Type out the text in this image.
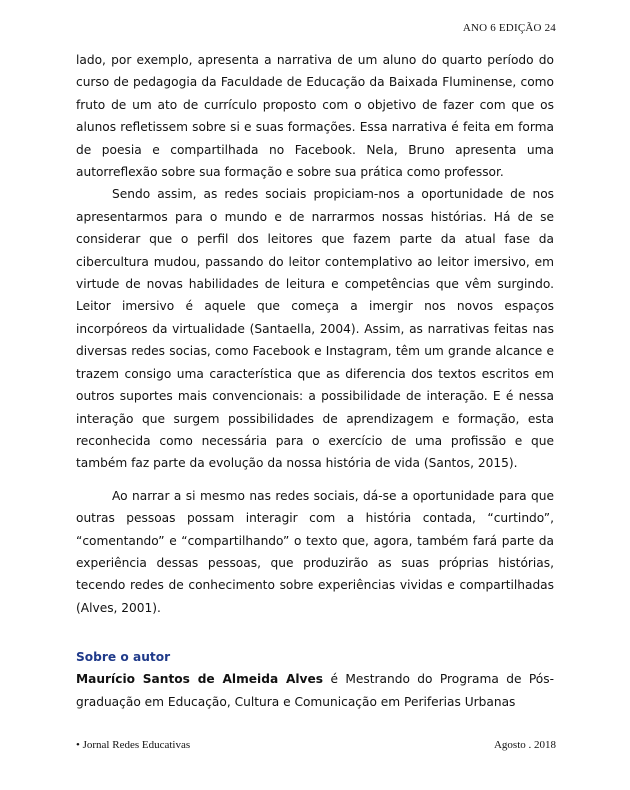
ANO 6 EDIÇÃO 24

lado, por exemplo, apresenta a narrativa de um aluno do quarto período do curso de pedagogia da Faculdade de Educação da Baixada Fluminense, como fruto de um ato de currículo proposto com o objetivo de fazer com que os alunos refletissem sobre si e suas formações. Essa narrativa é feita em forma de poesia e compartilhada no Facebook. Nela, Bruno apresenta uma autorreflexão sobre sua formação e sobre sua prática como professor.

Sendo assim, as redes sociais propiciam-nos a oportunidade de nos apresentarmos para o mundo e de narrarmos nossas histórias. Há de se considerar que o perfil dos leitores que fazem parte da atual fase da cibercultura mudou, passando do leitor contemplativo ao leitor imersivo, em virtude de novas habilidades de leitura e competências que vêm surgindo. Leitor imersivo é aquele que começa a imergir nos novos espaços incorpóreos da virtualidade (Santaella, 2004). Assim, as narrativas feitas nas diversas redes socias, como Facebook e Instagram, têm um grande alcance e trazem consigo uma característica que as diferencia dos textos escritos em outros suportes mais convencionais: a possibilidade de interação. E é nessa interação que surgem possibilidades de aprendizagem e formação, esta reconhecida como necessária para o exercício de uma profissão e que também faz parte da evolução da nossa história de vida (Santos, 2015).

Ao narrar a si mesmo nas redes sociais, dá-se a oportunidade para que outras pessoas possam interagir com a história contada, “curtindo”, “comentando” e “compartilhando” o texto que, agora, também fará parte da experiência dessas pessoas, que produzirão as suas próprias histórias, tecendo redes de conhecimento sobre experiências vividas e compartilhadas (Alves, 2001).

Sobre o autor

Maurício Santos de Almeida Alves é Mestrando do Programa de Pós-graduação em Educação, Cultura e Comunicação em Periferias Urbanas

• Jornal Redes Educativas	Agosto . 2018
